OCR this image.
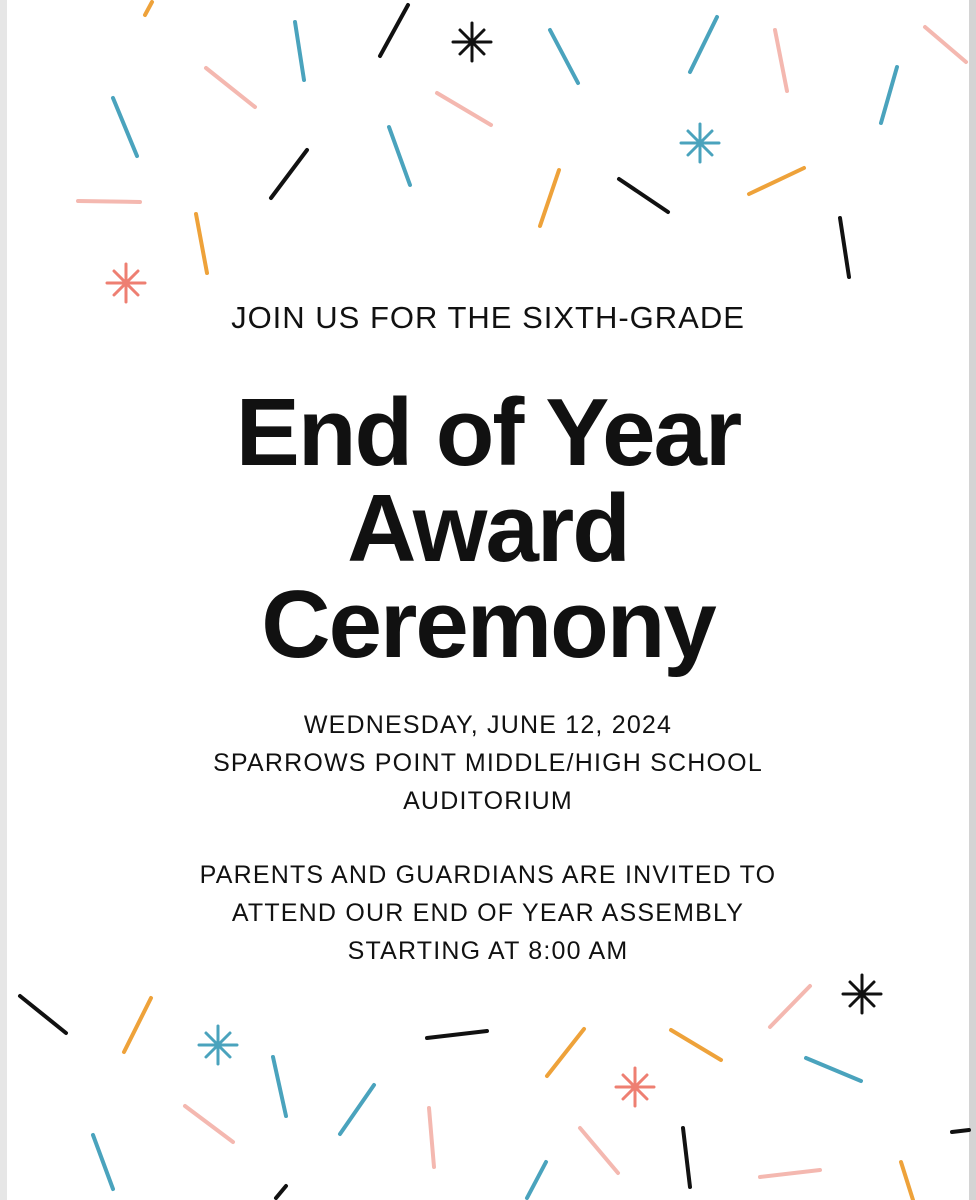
JOIN US FOR THE SIXTH-GRADE
End of Year
Award
Ceremony
WEDNESDAY, JUNE 12, 2024
SPARROWS POINT MIDDLE/HIGH SCHOOL
AUDITORIUM
PARENTS AND GUARDIANS ARE INVITED TO
ATTEND OUR END OF YEAR ASSEMBLY
STARTING AT 8:00 AM
